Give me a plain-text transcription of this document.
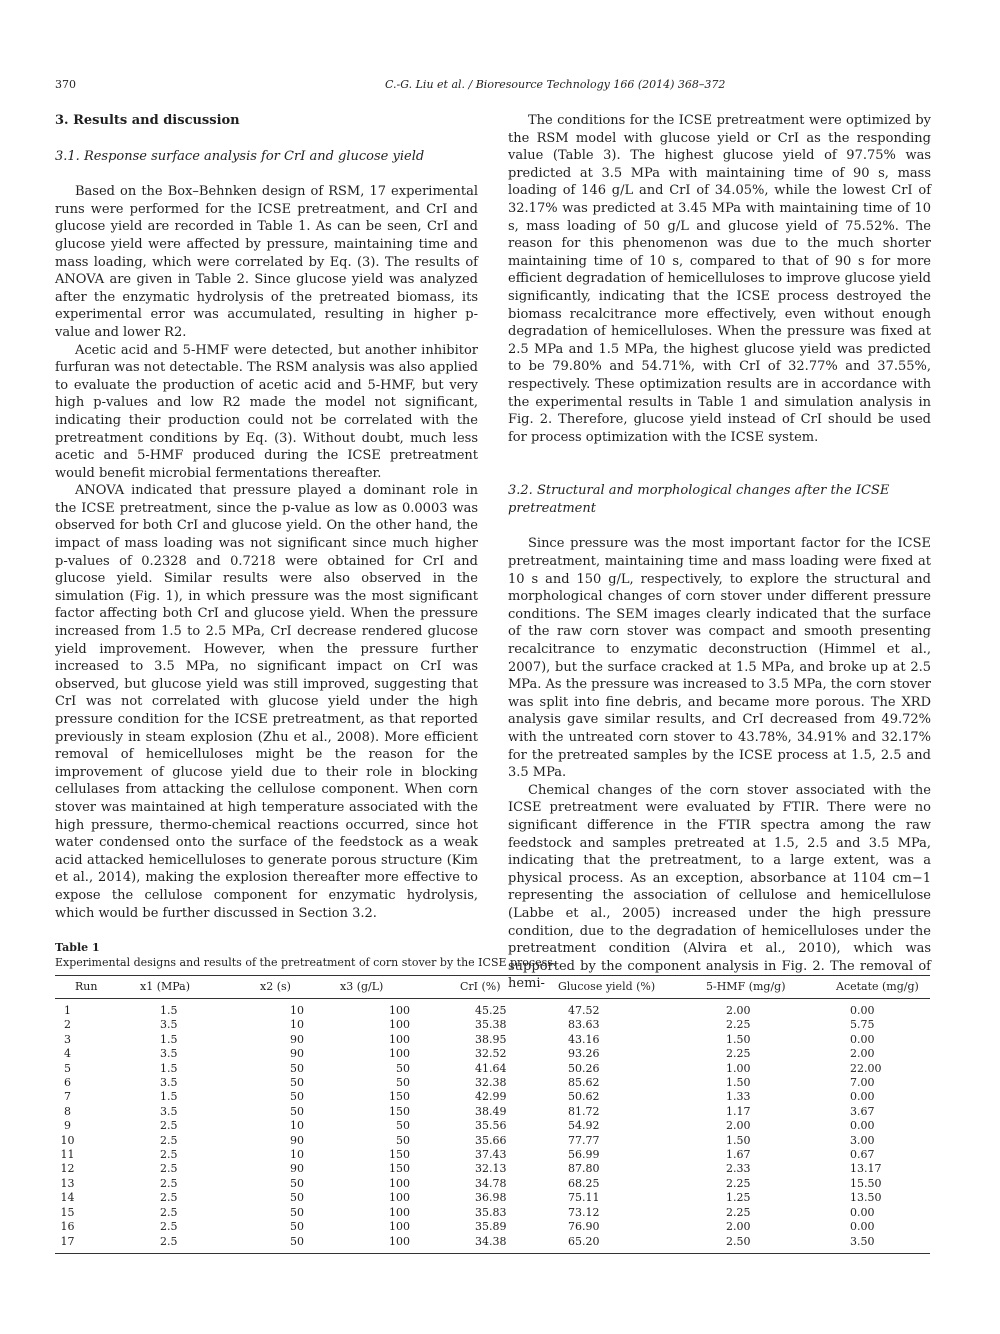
370	C.-G. Liu et al. / Bioresource Technology 166 (2014) 368–372
3. Results and discussion
3.1. Response surface analysis for CrI and glucose yield

Based on the Box–Behnken design of RSM, 17 experimental runs were performed for the ICSE pretreatment, and CrI and glucose yield are recorded in Table 1. As can be seen, CrI and glucose yield were affected by pressure, maintaining time and mass loading, which were correlated by Eq. (3). The results of ANOVA are given in Table 2. Since glucose yield was analyzed after the enzymatic hydrolysis of the pretreated biomass, its experimental error was accumulated, resulting in higher p-value and lower R2.

Acetic acid and 5-HMF were detected, but another inhibitor furfuran was not detectable. The RSM analysis was also applied to evaluate the production of acetic acid and 5-HMF, but very high p-values and low R2 made the model not significant, indicating their production could not be correlated with the pretreatment conditions by Eq. (3). Without doubt, much less acetic and 5-HMF produced during the ICSE pretreatment would benefit microbial fermentations thereafter.

ANOVA indicated that pressure played a dominant role in the ICSE pretreatment, since the p-value as low as 0.0003 was observed for both CrI and glucose yield. On the other hand, the impact of mass loading was not significant since much higher p-values of 0.2328 and 0.7218 were obtained for CrI and glucose yield. Similar results were also observed in the simulation (Fig. 1), in which pressure was the most significant factor affecting both CrI and glucose yield. When the pressure increased from 1.5 to 2.5 MPa, CrI decrease rendered glucose yield improvement. However, when the pressure further increased to 3.5 MPa, no significant impact on CrI was observed, but glucose yield was still improved, suggesting that CrI was not correlated with glucose yield under the high pressure condition for the ICSE pretreatment, as that reported previously in steam explosion (Zhu et al., 2008). More efficient removal of hemicelluloses might be the reason for the improvement of glucose yield due to their role in blocking cellulases from attacking the cellulose component. When corn stover was maintained at high temperature associated with the high pressure, thermo-chemical reactions occurred, since hot water condensed onto the surface of the feedstock as a weak acid attacked hemicelluloses to generate porous structure (Kim et al., 2014), making the explosion thereafter more effective to expose the cellulose component for enzymatic hydrolysis, which would be further discussed in Section 3.2.

The conditions for the ICSE pretreatment were optimized by the RSM model with glucose yield or CrI as the responding value (Table 3). The highest glucose yield of 97.75% was predicted at 3.5 MPa with maintaining time of 90 s, mass loading of 146 g/L and CrI of 34.05%, while the lowest CrI of 32.17% was predicted at 3.45 MPa with maintaining time of 10 s, mass loading of 50 g/L and glucose yield of 75.52%. The reason for this phenomenon was due to the much shorter maintaining time of 10 s, compared to that of 90 s for more efficient degradation of hemicelluloses to improve glucose yield significantly, indicating that the ICSE process destroyed the biomass recalcitrance more effectively, even without enough degradation of hemicelluloses. When the pressure was fixed at 2.5 MPa and 1.5 MPa, the highest glucose yield was predicted to be 79.80% and 54.71%, with CrI of 32.77% and 37.55%, respectively. These optimization results are in accordance with the experimental results in Table 1 and simulation analysis in Fig. 2. Therefore, glucose yield instead of CrI should be used for process optimization with the ICSE system.

3.2. Structural and morphological changes after the ICSE pretreatment

Since pressure was the most important factor for the ICSE pretreatment, maintaining time and mass loading were fixed at 10 s and 150 g/L, respectively, to explore the structural and morphological changes of corn stover under different pressure conditions. The SEM images clearly indicated that the surface of the raw corn stover was compact and smooth presenting recalcitrance to enzymatic deconstruction (Himmel et al., 2007), but the surface cracked at 1.5 MPa, and broke up at 2.5 MPa. As the pressure was increased to 3.5 MPa, the corn stover was split into fine debris, and became more porous. The XRD analysis gave similar results, and CrI decreased from 49.72% with the untreated corn stover to 43.78%, 34.91% and 32.17% for the pretreated samples by the ICSE process at 1.5, 2.5 and 3.5 MPa.

Chemical changes of the corn stover associated with the ICSE pretreatment were evaluated by FTIR. There were no significant difference in the FTIR spectra among the raw feedstock and samples pretreated at 1.5, 2.5 and 3.5 MPa, indicating that the pretreatment, to a large extent, was a physical process. As an exception, absorbance at 1104 cm−1 representing the association of cellulose and hemicellulose (Labbe et al., 2005) increased under the high pressure condition, due to the degradation of hemicelluloses under the pretreatment condition (Alvira et al., 2010), which was supported by the component analysis in Fig. 2. The removal of hemi-

Table 1
Experimental designs and results of the pretreatment of corn stover by the ICSE process.
Run	x1 (MPa)	x2 (s)	x3 (g/L)	CrI (%)	Glucose yield (%)	5-HMF (mg/g)	Acetate (mg/g)
1	1.5	10	100	45.25	47.52	2.00	0.00
2	3.5	10	100	35.38	83.63	2.25	5.75
3	1.5	90	100	38.95	43.16	1.50	0.00
4	3.5	90	100	32.52	93.26	2.25	2.00
5	1.5	50	50	41.64	50.26	1.00	22.00
6	3.5	50	50	32.38	85.62	1.50	7.00
7	1.5	50	150	42.99	50.62	1.33	0.00
8	3.5	50	150	38.49	81.72	1.17	3.67
9	2.5	10	50	35.56	54.92	2.00	0.00
10	2.5	90	50	35.66	77.77	1.50	3.00
11	2.5	10	150	37.43	56.99	1.67	0.67
12	2.5	90	150	32.13	87.80	2.33	13.17
13	2.5	50	100	34.78	68.25	2.25	15.50
14	2.5	50	100	36.98	75.11	1.25	13.50
15	2.5	50	100	35.83	73.12	2.25	0.00
16	2.5	50	100	35.89	76.90	2.00	0.00
17	2.5	50	100	34.38	65.20	2.50	3.50
